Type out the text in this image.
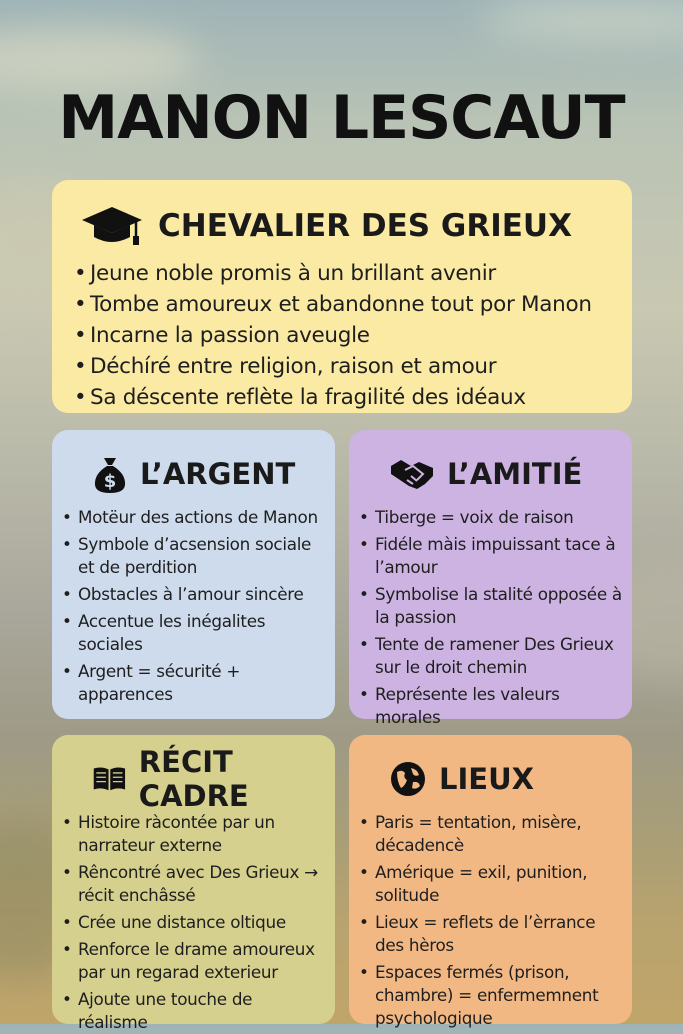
MANON LESCAUT
CHEVALIER DES GRIEUX
• Jeune noble promis à un brillant avenir
• Tombe amoureux et abandonne tout por Manon
• Incarne la passion aveugle
• Déchíré entre religion, raison et amour
• Sa déscente reflète la fragilité des idéaux
$ L’ARGENT
• Motëur des actions de Manon
• Symbole d’acsension sociale et de perdition
• Obstacles à l’amour sincère
• Accentue les inégalites sociales
• Argent = sécurité + apparences
L’AMITIÉ
• Tiberge = voix de raison
• Fidéle màis impuissant tace à l’amour
• Symbolise la stalité opposée à la passion
• Tente de ramener Des Grieux sur le droit chemin
• Représente les valeurs morales
RÉCIT CADRE
• Histoire ràcontée par un narrateur externe
• Rêncontré avec Des Grieux → récit enchâssé
• Crée une distance oltique
• Renforce le drame amoureux par un regarad exterieur
• Ajoute une touche de réalisme
LIEUX
• Paris = tentation, misère, décadencè
• Amérique = exil, punition, solitude
• Lieux = reflets de l’èrrance des hèros
• Espaces fermés (prison, chambre) = enfermemnent psychologique
